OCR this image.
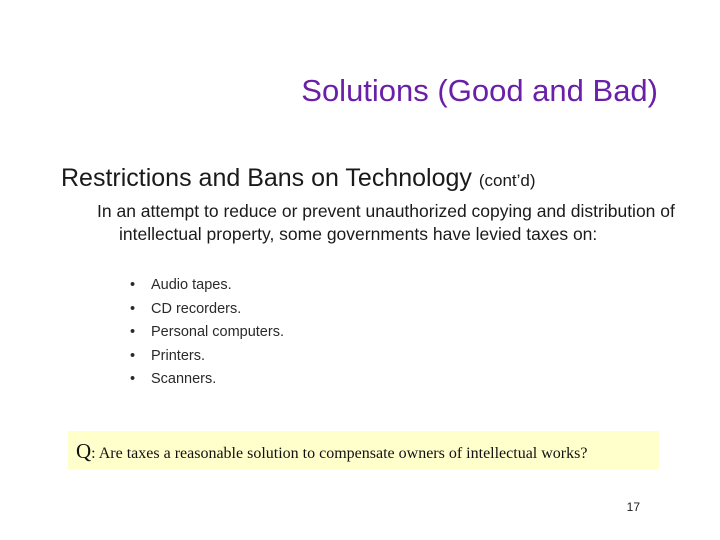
Solutions (Good and Bad)
Restrictions and Bans on Technology (cont’d)
In an attempt to reduce or prevent unauthorized copying and distribution of intellectual property, some governments have levied taxes on:
• Audio tapes.
• CD recorders.
• Personal computers.
• Printers.
• Scanners.
Q: Are taxes a reasonable solution to compensate owners of intellectual works?
17
